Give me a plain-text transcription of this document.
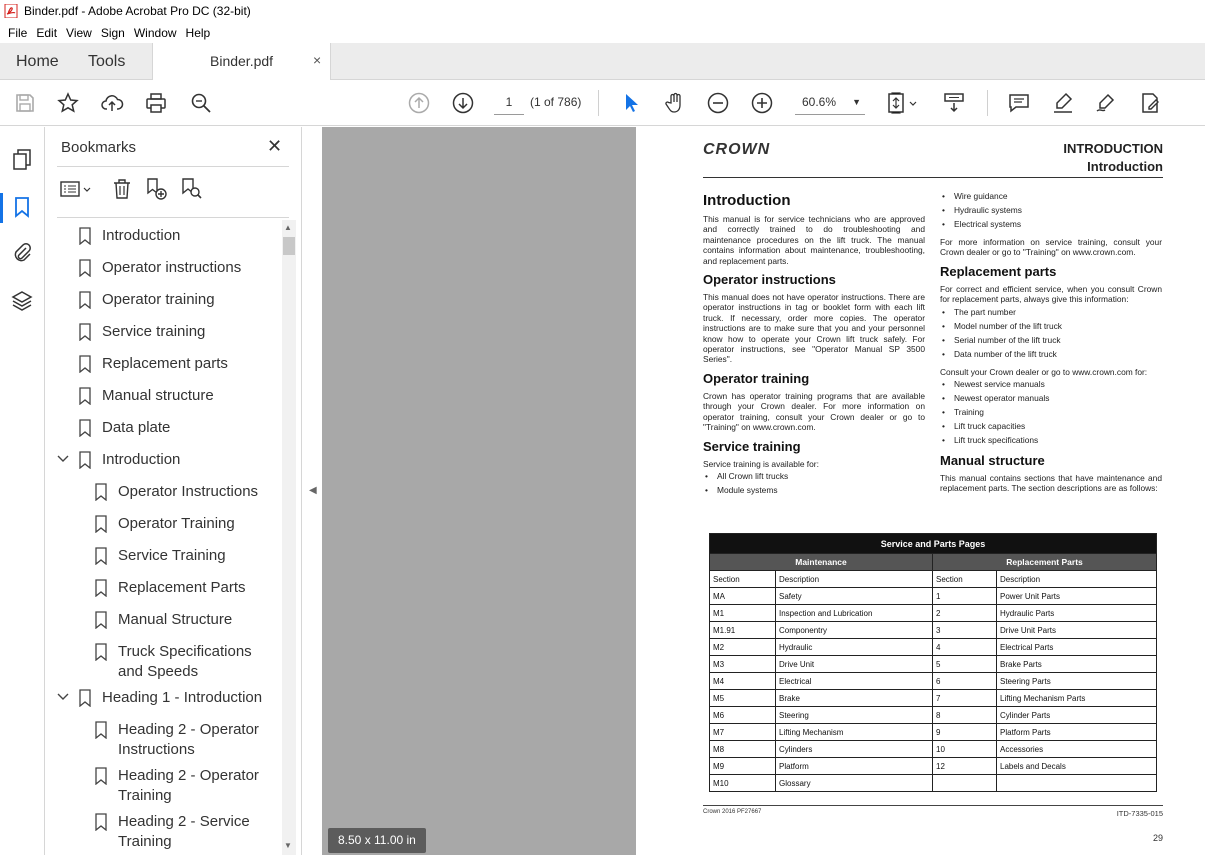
Binder.pdf - Adobe Acrobat Pro DC (32-bit)
File Edit View Sign Window Help
Home Tools	Binder.pdf	×
1	(1 of 786)	60.6% ▼
Bookmarks	✕
Introduction
Operator instructions
Operator training
Service training
Replacement parts
Manual structure
Data plate
Introduction
Operator Instructions
Operator Training
Service Training
Replacement Parts
Manual Structure
Truck Specifications and Speeds
Heading 1 - Introduction
Heading 2 - Operator Instructions
Heading 2 - Operator Training
Heading 2 - Service Training
▲
▼
◀
CROWN	INTRODUCTION
Introduction
Introduction

This manual is for service technicians who are approved and correctly trained to do troubleshooting and maintenance procedures on the lift truck. The manual contains information about maintenance, troubleshooting, and replacement parts.

Operator instructions

This manual does not have operator instructions. There are operator instructions in tag or booklet form with each lift truck. If necessary, order more copies. The operator instructions are to make sure that you and your personnel know how to operate your Crown lift truck safely. For operator instructions, see "Operator Manual SP 3500 Series".

Operator training

Crown has operator training programs that are available through your Crown dealer. For more information on operator training, consult your Crown dealer or go to "Training" on www.crown.com.

Service training

Service training is available for:

• All Crown lift trucks
• Module systems
• Wire guidance
• Hydraulic systems
• Electrical systems

For more information on service training, consult your Crown dealer or go to "Training" on www.crown.com.

Replacement parts

For correct and efficient service, when you consult Crown for replacement parts, always give this information:

• The part number
• Model number of the lift truck
• Serial number of the lift truck
• Data number of the lift truck

Consult your Crown dealer or go to www.crown.com for:

• Newest service manuals
• Newest operator manuals
• Training
• Lift truck capacities
• Lift truck specifications
Manual structure

This manual contains sections that have maintenance and replacement parts. The section descriptions are as follows:

Service and Parts Pages			
Maintenance		Replacement Parts	
Section	Description	Section	Description
MA	Safety	1	Power Unit Parts
M1	Inspection and Lubrication	2	Hydraulic Parts
M1.91	Componentry	3	Drive Unit Parts
M2	Hydraulic	4	Electrical Parts
M3	Drive Unit	5	Brake Parts
M4	Electrical	6	Steering Parts
M5	Brake	7	Lifting Mechanism Parts
M6	Steering	8	Cylinder Parts
M7	Lifting Mechanism	9	Platform Parts
M8	Cylinders	10	Accessories
M9	Platform	12	Labels and Decals
M10	Glossary		
Crown 2016 PF27667	ITD-7335-015
29
8.50 x 11.00 in
